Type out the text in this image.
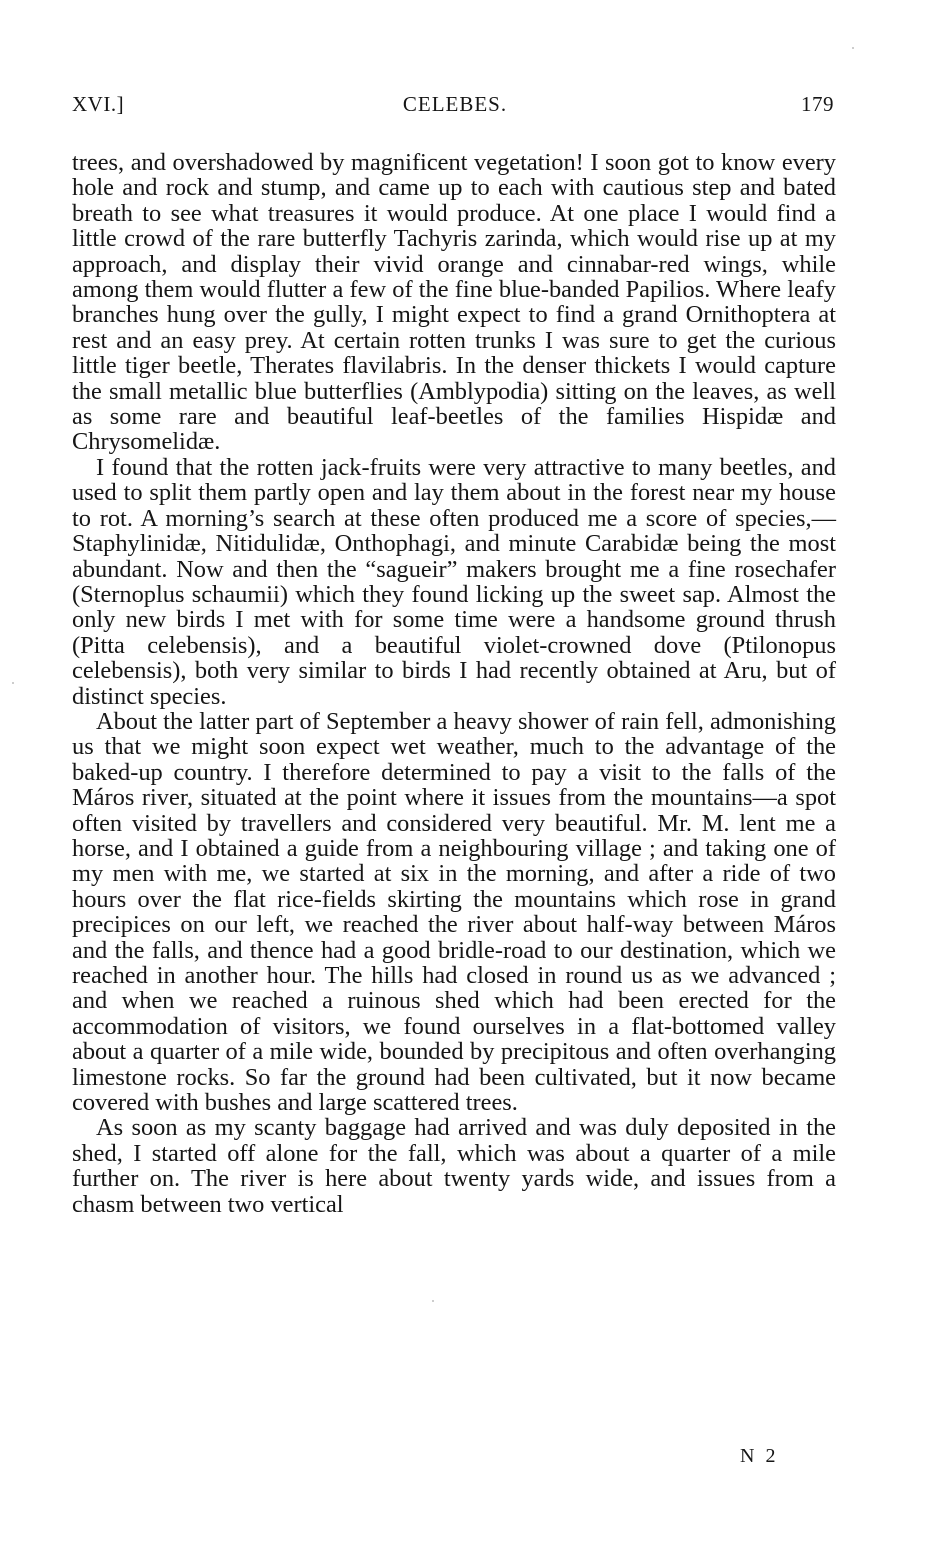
XVI.]	CELEBES.	179

trees, and overshadowed by magnificent vegetation! I soon got to know every hole and rock and stump, and came up to each with cautious step and bated breath to see what treasures it would produce. At one place I would find a little crowd of the rare butterfly Tachyris zarinda, which would rise up at my approach, and display their vivid orange and cinnabar-red wings, while among them would flutter a few of the fine blue-banded Papilios. Where leafy branches hung over the gully, I might expect to find a grand Ornithoptera at rest and an easy prey. At certain rotten trunks I was sure to get the curious little tiger beetle, Therates flavilabris. In the denser thickets I would capture the small metallic blue butterflies (Amblypodia) sitting on the leaves, as well as some rare and beautiful leaf-beetles of the families Hispidæ and Chrysomelidæ.

I found that the rotten jack-fruits were very attractive to many beetles, and used to split them partly open and lay them about in the forest near my house to rot. A morning’s search at these often produced me a score of species,—Staphylinidæ, Nitidulidæ, Onthophagi, and minute Carabidæ being the most abundant. Now and then the “sagueir” makers brought me a fine rosechafer (Sternoplus schaumii) which they found licking up the sweet sap. Almost the only new birds I met with for some time were a handsome ground thrush (Pitta celebensis), and a beautiful violet-crowned dove (Ptilonopus celebensis), both very similar to birds I had recently obtained at Aru, but of distinct species.

About the latter part of September a heavy shower of rain fell, admonishing us that we might soon expect wet weather, much to the advantage of the baked-up country. I therefore determined to pay a visit to the falls of the Máros river, situated at the point where it issues from the mountains—a spot often visited by travellers and considered very beautiful. Mr. M. lent me a horse, and I obtained a guide from a neighbouring village ; and taking one of my men with me, we started at six in the morning, and after a ride of two hours over the flat rice-fields skirting the mountains which rose in grand precipices on our left, we reached the river about half-way between Máros and the falls, and thence had a good bridle-road to our destination, which we reached in another hour. The hills had closed in round us as we advanced ; and when we reached a ruinous shed which had been erected for the accommodation of visitors, we found ourselves in a flat-bottomed valley about a quarter of a mile wide, bounded by precipitous and often overhanging limestone rocks. So far the ground had been cultivated, but it now became covered with bushes and large scattered trees.

As soon as my scanty baggage had arrived and was duly deposited in the shed, I started off alone for the fall, which was about a quarter of a mile further on. The river is here about twenty yards wide, and issues from a chasm between two vertical

N 2
